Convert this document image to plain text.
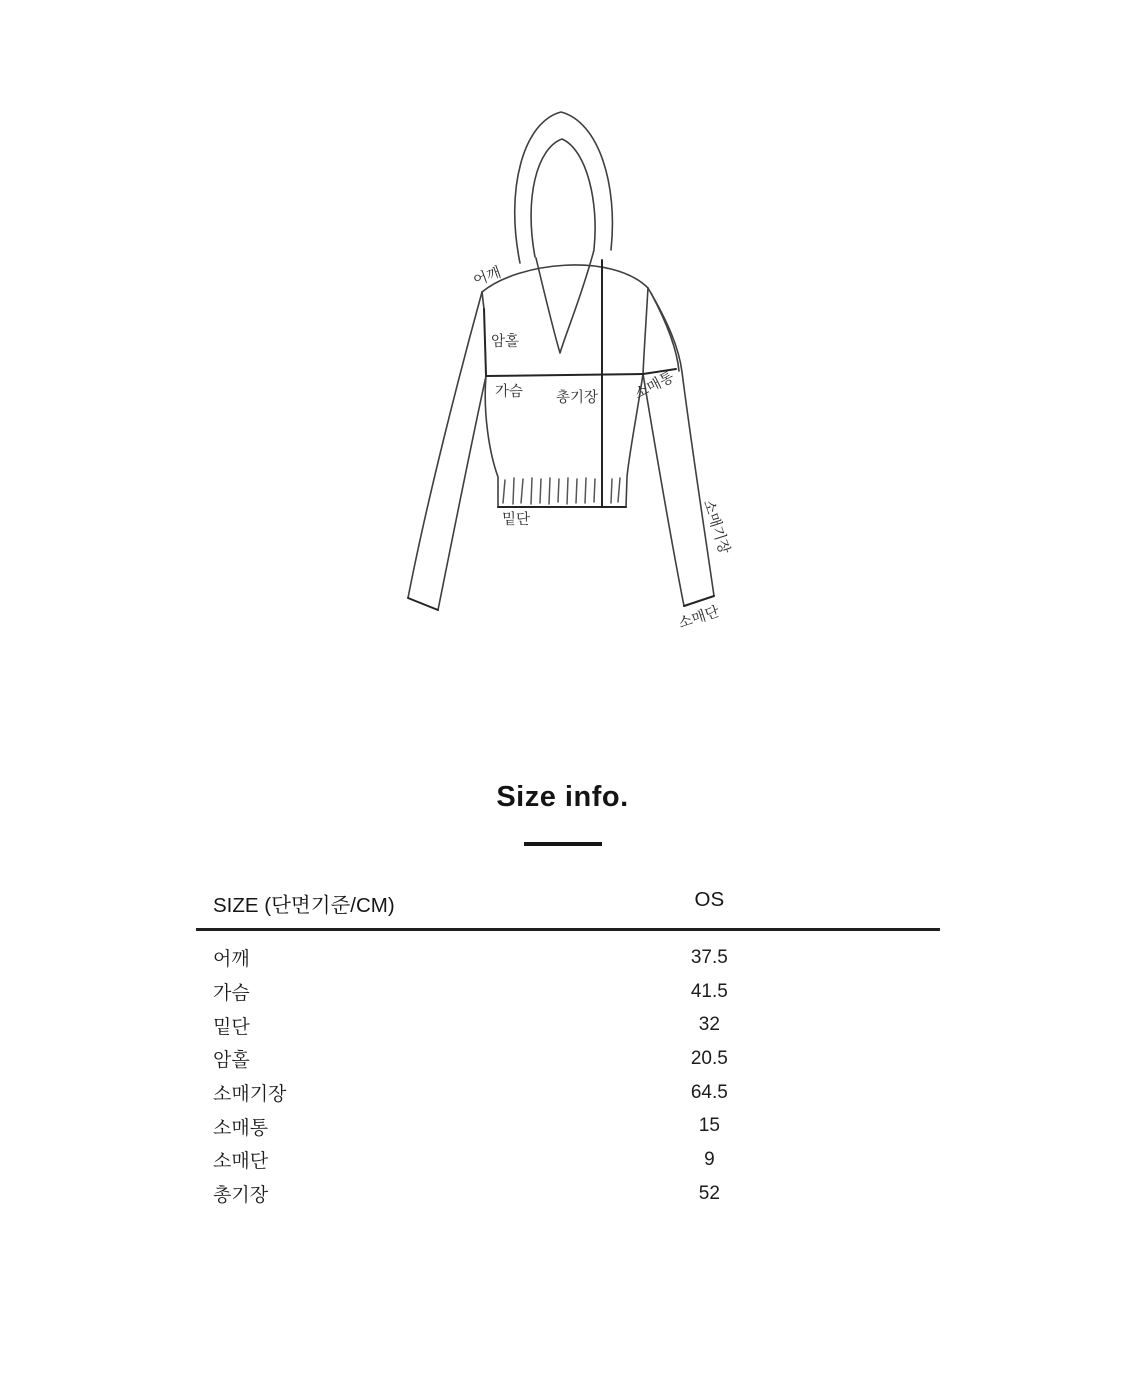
어깨
암홀
가슴 총기장 소매통
소매기장
소매단
밑단
Size info.
SIZE (단면기준/CM)	OS
어깨	37.5
가슴	41.5
밑단	32
암홀	20.5
소매기장	64.5
소매통	15
소매단	9
총기장	52
